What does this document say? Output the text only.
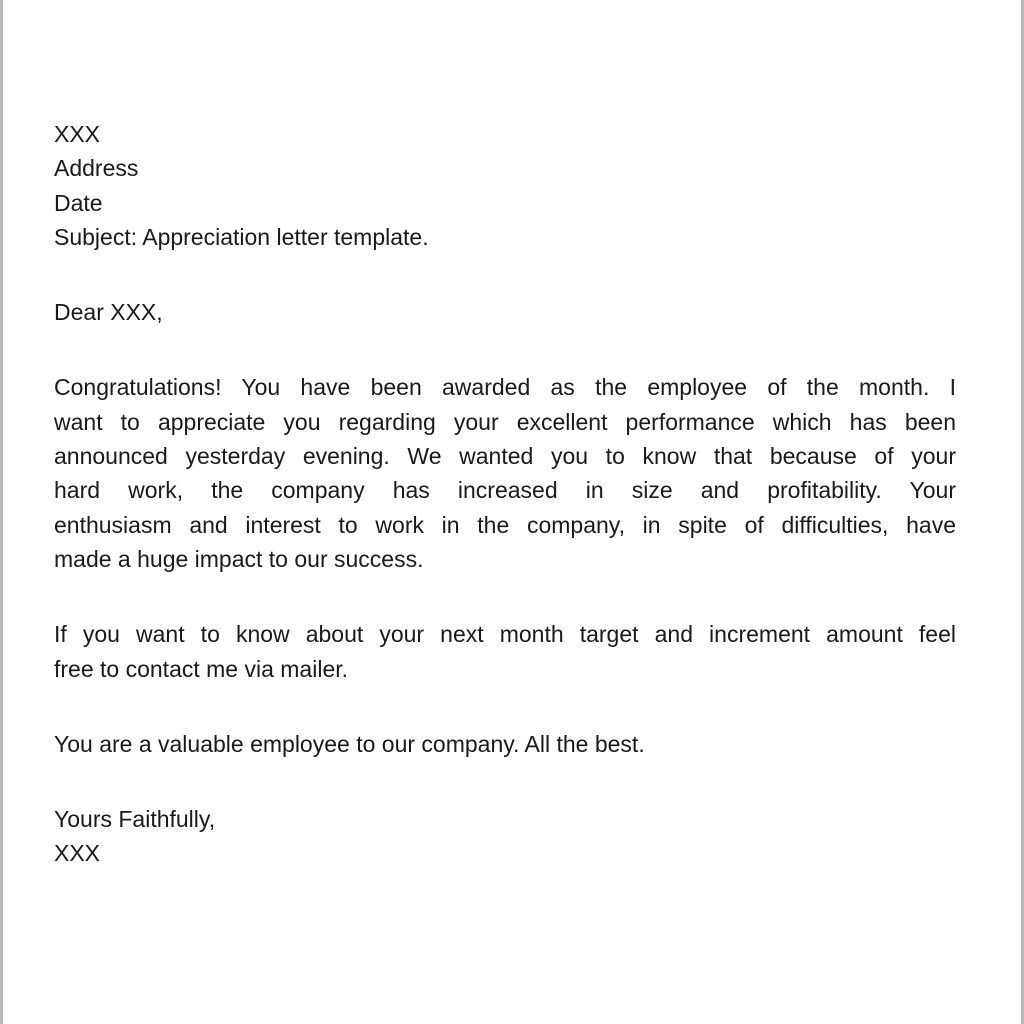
XXX
Address
Date
Subject: Appreciation letter template.
Dear XXX,
Congratulations! You have been awarded as the employee of the month. I
want to appreciate you regarding your excellent performance which has been
announced yesterday evening. We wanted you to know that because of your
hard work, the company has increased in size and profitability. Your
enthusiasm and interest to work in the company, in spite of difficulties, have
made a huge impact to our success.
If you want to know about your next month target and increment amount feel
free to contact me via mailer.
You are a valuable employee to our company. All the best.
Yours Faithfully,
XXX
